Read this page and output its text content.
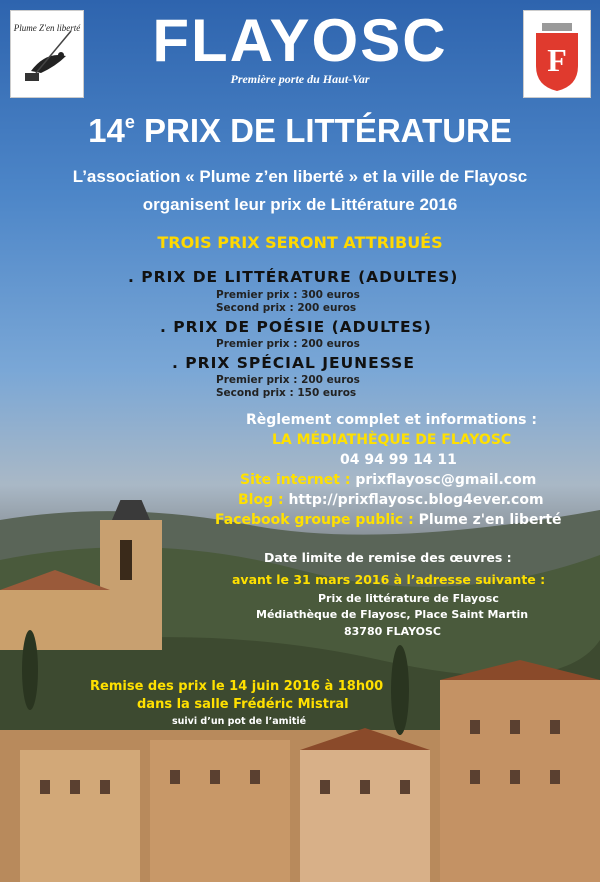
Plume Z'en liberté
F
FLAYOSC
Première porte du Haut-Var
14e PRIX DE LITTÉRATURE
L’association « Plume z’en liberté » et la ville de Flayosc
organisent leur prix de Littérature 2016
TROIS PRIX SERONT ATTRIBUÉS
. PRIX DE LITTÉRATURE (ADULTES)
Premier prix : 300 euros
Second prix : 200 euros
. PRIX DE POÉSIE (ADULTES)
Premier prix : 200 euros
. PRIX SPÉCIAL JEUNESSE
Premier prix : 200 euros
Second prix : 150 euros
Règlement complet et informations :
LA MÉDIATHÈQUE DE FLAYOSC
04 94 99 14 11
Site internet : prixflayosc@gmail.com
Blog : http://prixflayosc.blog4ever.com
Facebook groupe public : Plume z'en liberté
Date limite de remise des œuvres :
avant le 31 mars 2016 à l’adresse suivante :
Prix de littérature de Flayosc
Médiathèque de Flayosc, Place Saint Martin
83780 FLAYOSC
Remise des prix le 14 juin 2016 à 18h00
dans la salle Frédéric Mistral
suivi d’un pot de l’amitié
